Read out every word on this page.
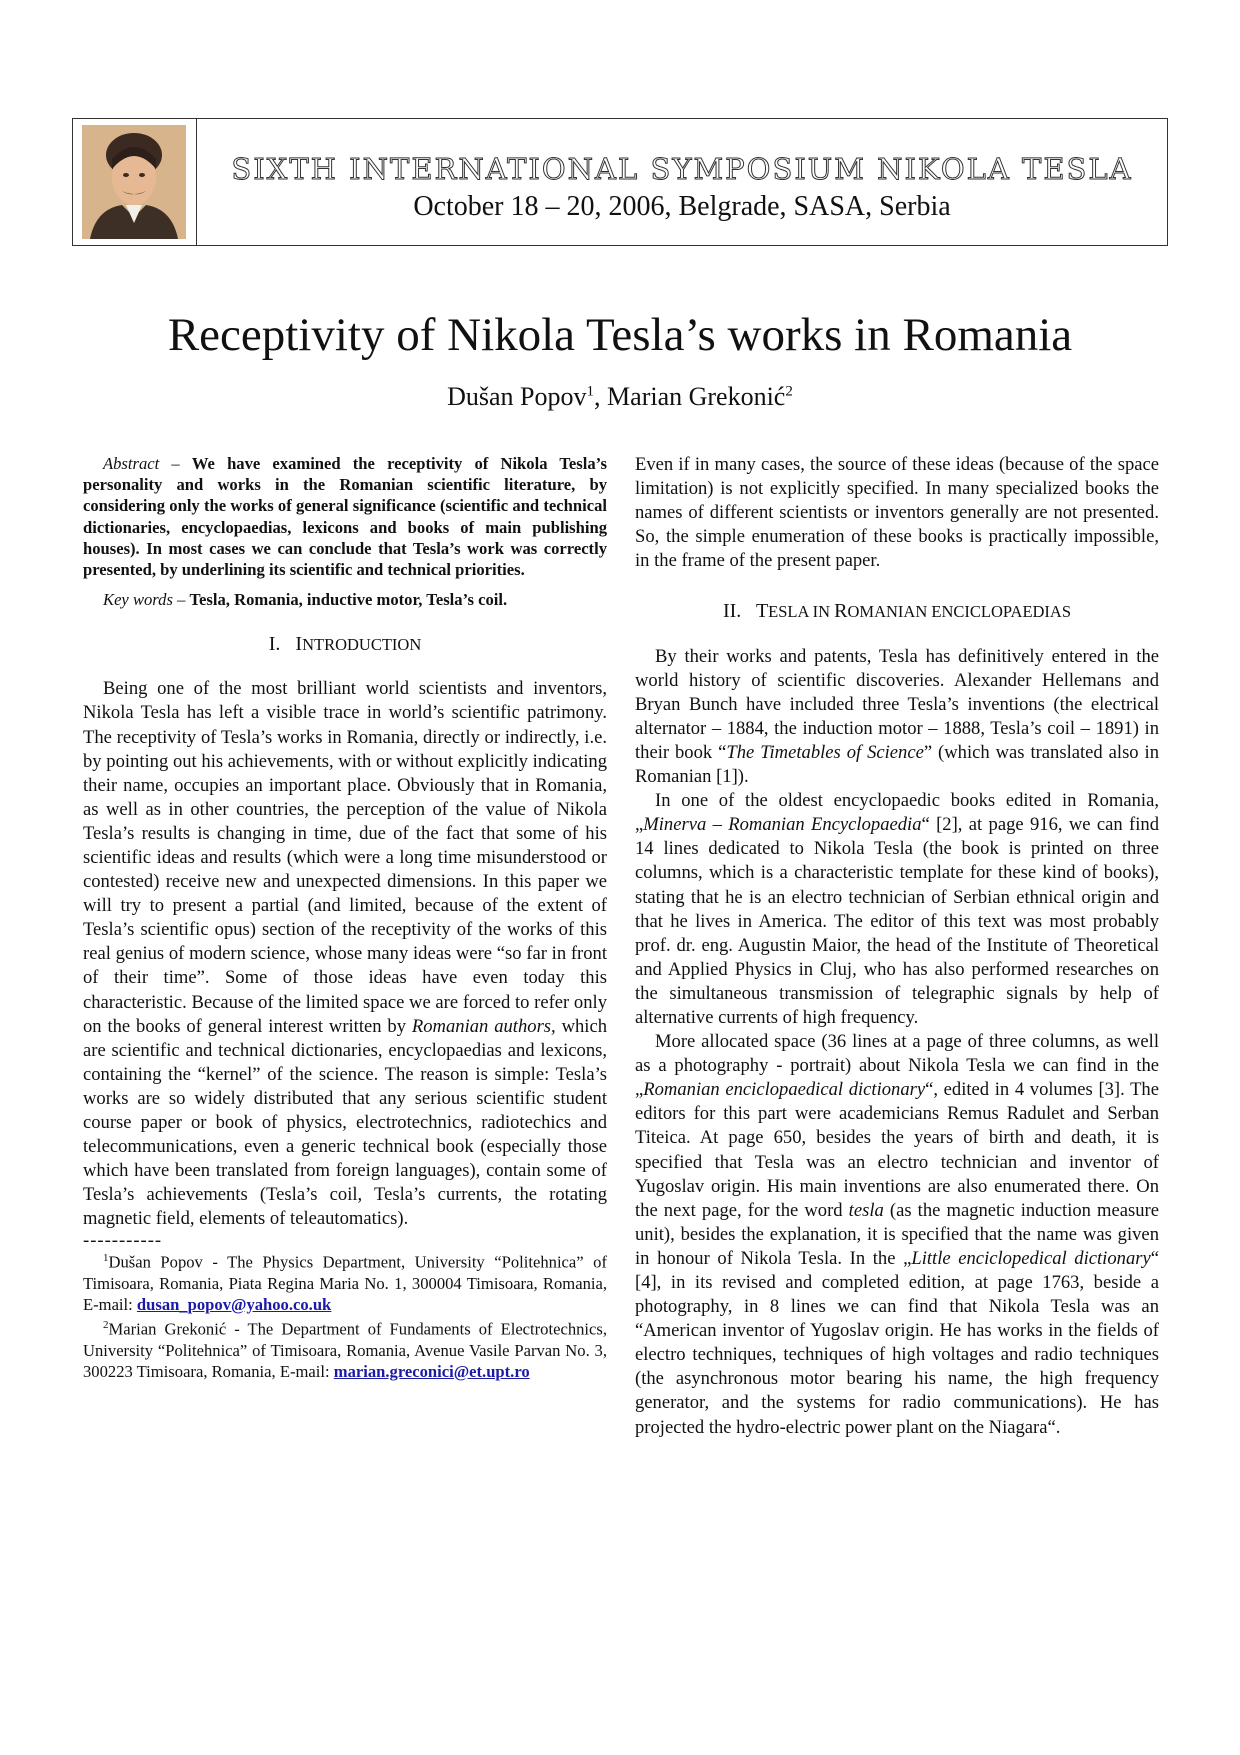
SIXTH INTERNATIONAL SYMPOSIUM NIKOLA TESLA
October 18 – 20, 2006, Belgrade, SASA, Serbia
Receptivity of Nikola Tesla’s works in Romania
Dušan Popov$^1$, Marian Grekonić$^2$

Abstract – We have examined the receptivity of Nikola Tesla’s personality and works in the Romanian scientific literature, by considering only the works of general significance (scientific and technical dictionaries, encyclopaedias, lexicons and books of main publishing houses). In most cases we can conclude that Tesla’s work was correctly presented, by underlining its scientific and technical priorities.

Key words – Tesla, Romania, inductive motor, Tesla’s coil.

I. INTRODUCTION

Being one of the most brilliant world scientists and inventors, Nikola Tesla has left a visible trace in world’s scientific patrimony. The receptivity of Tesla’s works in Romania, directly or indirectly, i.e. by pointing out his achievements, with or without explicitly indicating their name, occupies an important place. Obviously that in Romania, as well as in other countries, the perception of the value of Nikola Tesla’s results is changing in time, due of the fact that some of his scientific ideas and results (which were a long time misunderstood or contested) receive new and unexpected dimensions. In this paper we will try to present a partial (and limited, because of the extent of Tesla’s scientific opus) section of the receptivity of the works of this real genius of modern science, whose many ideas were “so far in front of their time”. Some of those ideas have even today this characteristic. Because of the limited space we are forced to refer only on the books of general interest written by Romanian authors, which are scientific and technical dictionaries, encyclopaedias and lexicons, containing the “kernel” of the science. The reason is simple: Tesla’s works are so widely distributed that any serious scientific student course paper or book of physics, electrotechnics, radiotechics and telecommunications, even a generic technical book (especially those which have been translated from foreign languages), contain some of Tesla’s achievements (Tesla’s coil, Tesla’s currents, the rotating magnetic field, elements of teleautomatics).

-----------

$^1$Dušan Popov - The Physics Department, University “Politehnica” of Timisoara, Romania, Piata Regina Maria No. 1, 300004 Timisoara, Romania, E-mail: dusan_popov@yahoo.co.uk

$^2$Marian Grekonić - The Department of Fundaments of Electrotechnics, University “Politehnica” of Timisoara, Romania, Avenue Vasile Parvan No. 3, 300223 Timisoara, Romania, E-mail: marian.greconici@et.upt.ro

Even if in many cases, the source of these ideas (because of the space limitation) is not explicitly specified. In many specialized books the names of different scientists or inventors generally are not presented. So, the simple enumeration of these books is practically impossible, in the frame of the present paper.

II. TESLA IN ROMANIAN ENCICLOPAEDIAS

By their works and patents, Tesla has definitively entered in the world history of scientific discoveries. Alexander Hellemans and Bryan Bunch have included three Tesla’s inventions (the electrical alternator – 1884, the induction motor – 1888, Tesla’s coil – 1891) in their book “The Timetables of Science” (which was translated also in Romanian [1]).

In one of the oldest encyclopaedic books edited in Romania, „Minerva – Romanian Encyclopaedia“ [2], at page 916, we can find 14 lines dedicated to Nikola Tesla (the book is printed on three columns, which is a characteristic template for these kind of books), stating that he is an electro technician of Serbian ethnical origin and that he lives in America. The editor of this text was most probably prof. dr. eng. Augustin Maior, the head of the Institute of Theoretical and Applied Physics in Cluj, who has also performed researches on the simultaneous transmission of telegraphic signals by help of alternative currents of high frequency.

More allocated space (36 lines at a page of three columns, as well as a photography - portrait) about Nikola Tesla we can find in the „Romanian enciclopaedical dictionary“, edited in 4 volumes [3]. The editors for this part were academicians Remus Radulet and Serban Titeica. At page 650, besides the years of birth and death, it is specified that Tesla was an electro technician and inventor of Yugoslav origin. His main inventions are also enumerated there. On the next page, for the word tesla (as the magnetic induction measure unit), besides the explanation, it is specified that the name was given in honour of Nikola Tesla. In the „Little enciclopedical dictionary“ [4], in its revised and completed edition, at page 1763, beside a photography, in 8 lines we can find that Nikola Tesla was an “American inventor of Yugoslav origin. He has works in the fields of electro techniques, techniques of high voltages and radio techniques (the asynchronous motor bearing his name, the high frequency generator, and the systems for radio communications). He has projected the hydro-electric power plant on the Niagara“.
